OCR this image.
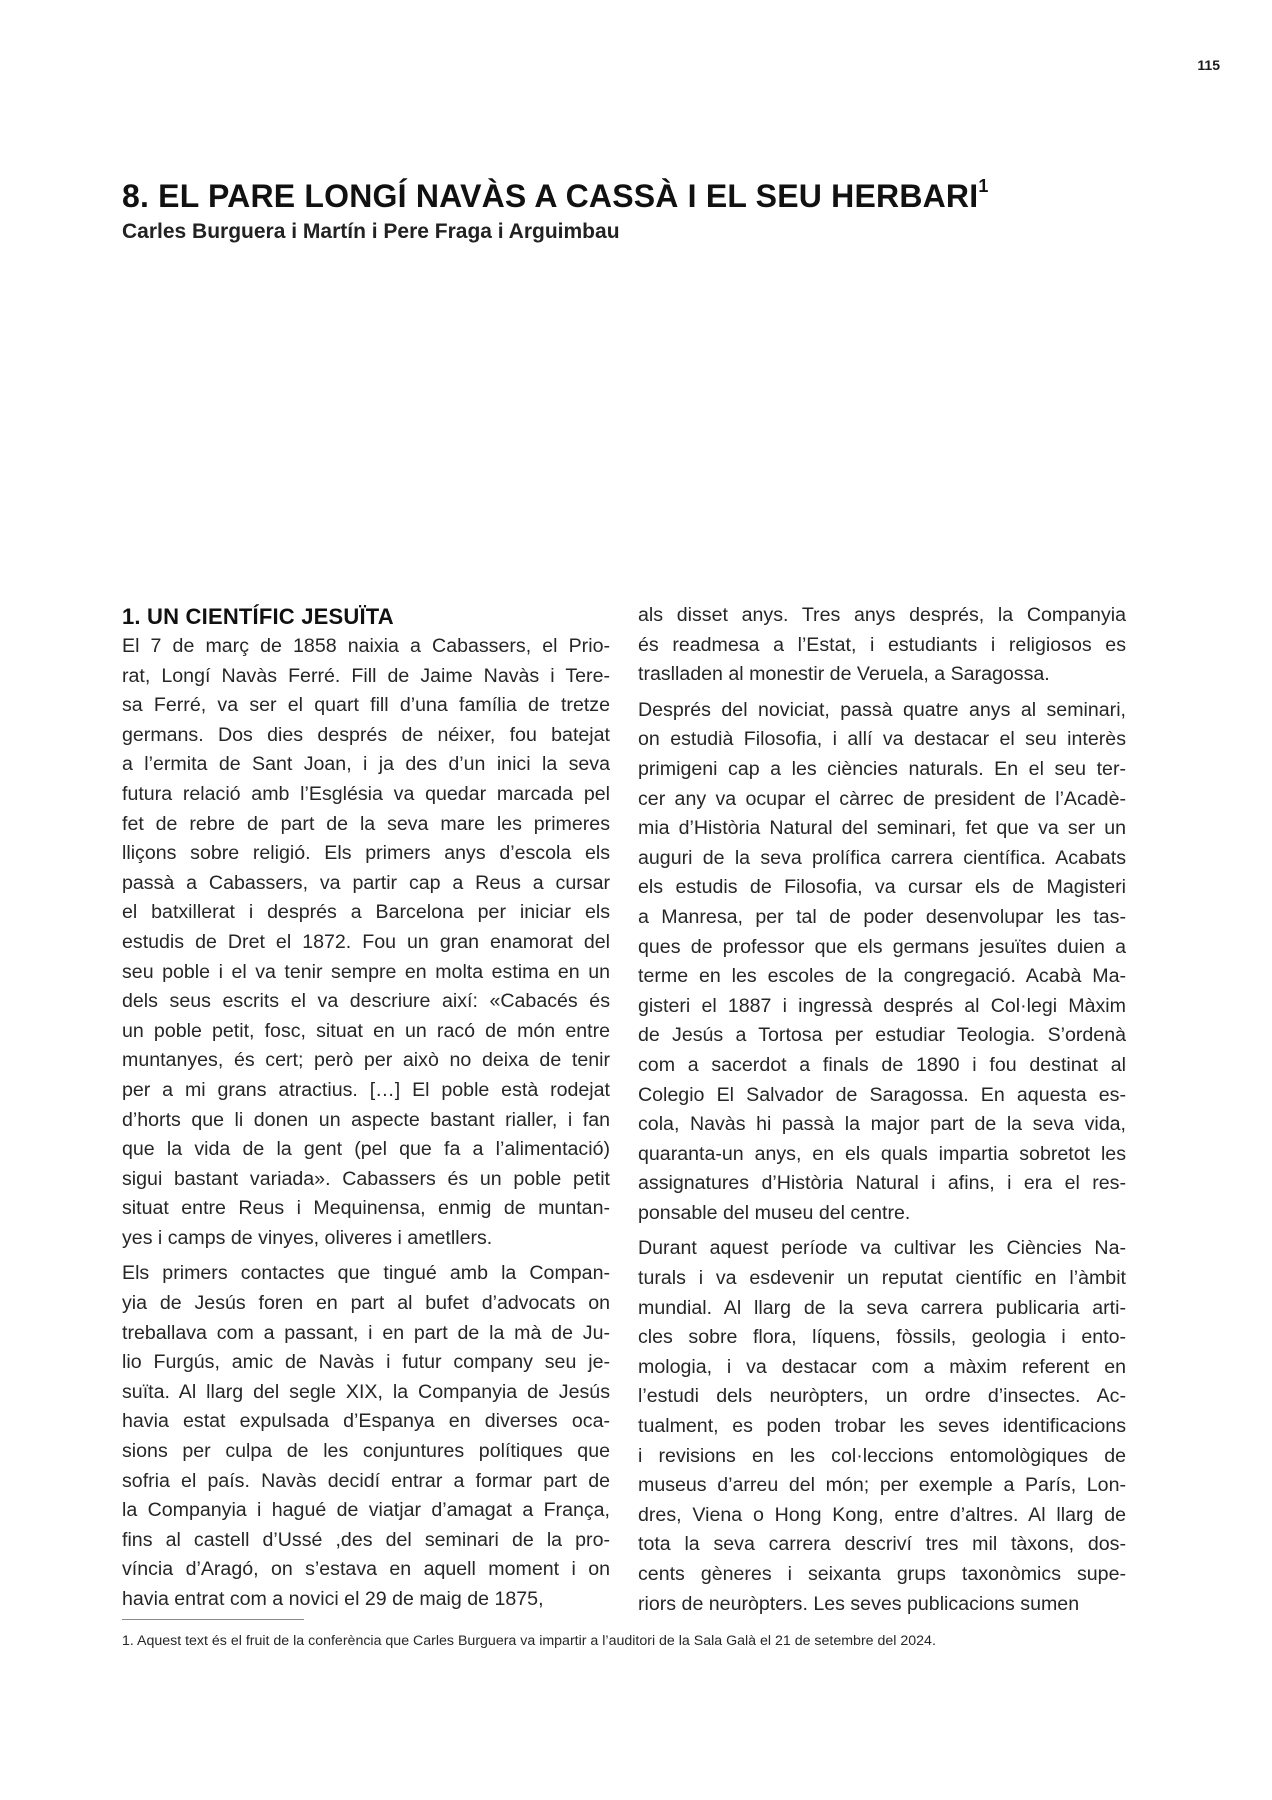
115
8. EL PARE LONGÍ NAVÀS A CASSÀ I EL SEU HERBARI$^1$
Carles Burguera i Martín i Pere Fraga i Arguimbau
1. UN CIENTÍFIC JESUÏTA
El 7 de març de 1858 naixia a Cabassers, el Prio-
rat, Longí Navàs Ferré. Fill de Jaime Navàs i Tere-
sa Ferré, va ser el quart fill d’una família de tretze
germans. Dos dies després de néixer, fou batejat
a l’ermita de Sant Joan, i ja des d’un inici la seva
futura relació amb l’Església va quedar marcada pel
fet de rebre de part de la seva mare les primeres
lliçons sobre religió. Els primers anys d’escola els
passà a Cabassers, va partir cap a Reus a cursar
el batxillerat i després a Barcelona per iniciar els
estudis de Dret el 1872. Fou un gran enamorat del
seu poble i el va tenir sempre en molta estima en un
dels seus escrits el va descriure així: «Cabacés és
un poble petit, fosc, situat en un racó de món entre
muntanyes, és cert; però per això no deixa de tenir
per a mi grans atractius. […] El poble està rodejat
d’horts que li donen un aspecte bastant rialler, i fan
que la vida de la gent (pel que fa a l’alimentació)
sigui bastant variada». Cabassers és un poble petit
situat entre Reus i Mequinensa, enmig de muntan-
yes i camps de vinyes, oliveres i ametllers.
Els primers contactes que tingué amb la Compan-
yia de Jesús foren en part al bufet d’advocats on
treballava com a passant, i en part de la mà de Ju-
lio Furgús, amic de Navàs i futur company seu je-
suïta. Al llarg del segle XIX, la Companyia de Jesús
havia estat expulsada d’Espanya en diverses oca-
sions per culpa de les conjuntures polítiques que
sofria el país. Navàs decidí entrar a formar part de
la Companyia i hagué de viatjar d’amagat a França,
fins al castell d’Ussé ,des del seminari de la pro-
víncia d’Aragó, on s’estava en aquell moment i on
havia entrat com a novici el 29 de maig de 1875,
als disset anys. Tres anys després, la Companyia
és readmesa a l’Estat, i estudiants i religiosos es
traslladen al monestir de Veruela, a Saragossa.
Després del noviciat, passà quatre anys al seminari,
on estudià Filosofia, i allí va destacar el seu interès
primigeni cap a les ciències naturals. En el seu ter-
cer any va ocupar el càrrec de president de l’Acadè-
mia d’Història Natural del seminari, fet que va ser un
auguri de la seva prolífica carrera científica. Acabats
els estudis de Filosofia, va cursar els de Magisteri
a Manresa, per tal de poder desenvolupar les tas-
ques de professor que els germans jesuïtes duien a
terme en les escoles de la congregació. Acabà Ma-
gisteri el 1887 i ingressà després al Col·legi Màxim
de Jesús a Tortosa per estudiar Teologia. S’ordenà
com a sacerdot a finals de 1890 i fou destinat al
Colegio El Salvador de Saragossa. En aquesta es-
cola, Navàs hi passà la major part de la seva vida,
quaranta-un anys, en els quals impartia sobretot les
assignatures d’Història Natural i afins, i era el res-
ponsable del museu del centre.
Durant aquest període va cultivar les Ciències Na-
turals i va esdevenir un reputat científic en l’àmbit
mundial. Al llarg de la seva carrera publicaria arti-
cles sobre flora, líquens, fòssils, geologia i ento-
mologia, i va destacar com a màxim referent en
l’estudi dels neuròpters, un ordre d’insectes. Ac-
tualment, es poden trobar les seves identificacions
i revisions en les col·leccions entomològiques de
museus d’arreu del món; per exemple a París, Lon-
dres, Viena o Hong Kong, entre d’altres. Al llarg de
tota la seva carrera descriví tres mil tàxons, dos-
cents gèneres i seixanta grups taxonòmics supe-
riors de neuròpters. Les seves publicacions sumen

1. Aquest text és el fruit de la conferència que Carles Burguera va impartir a l’auditori de la Sala Galà el 21 de setembre del 2024.
